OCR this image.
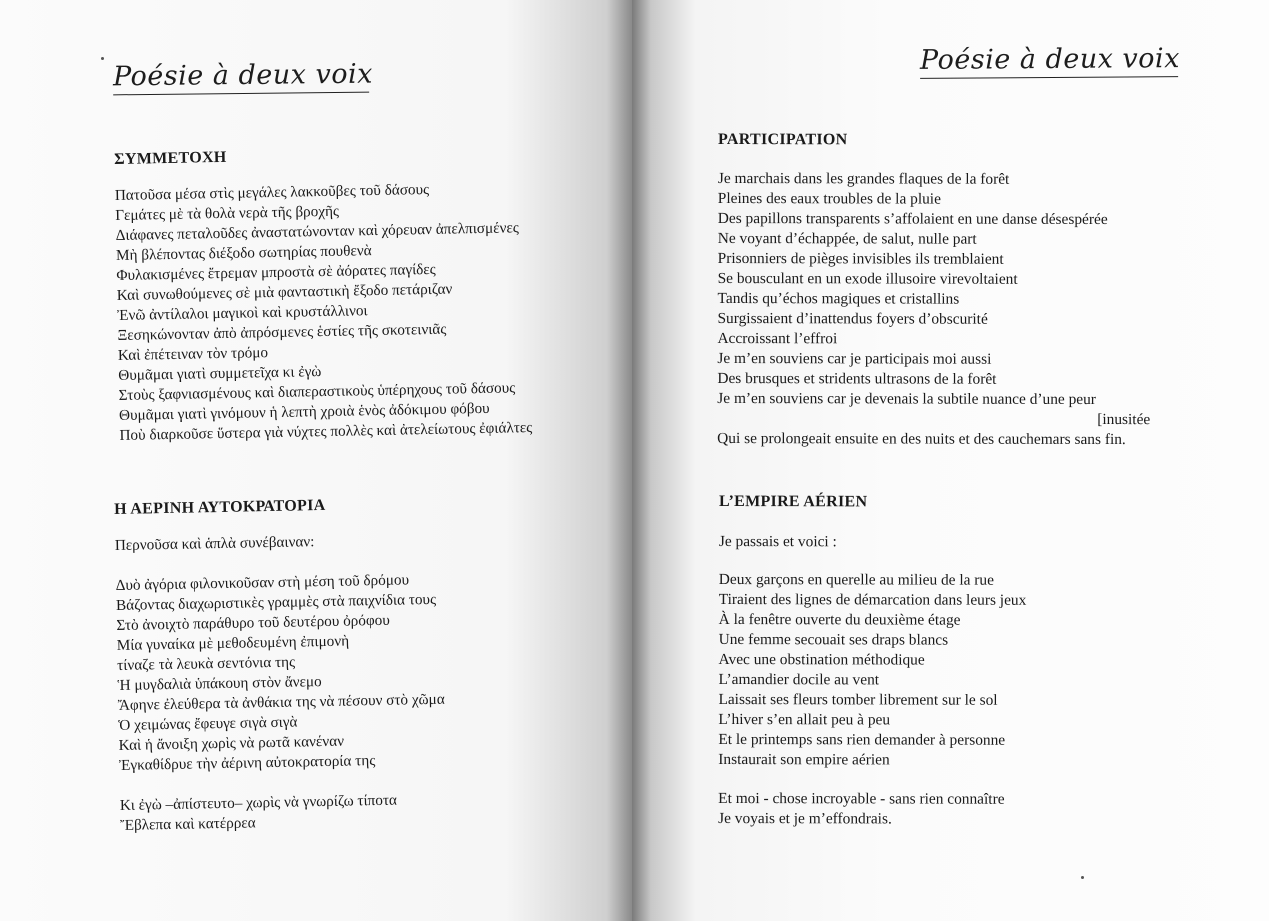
Poésie à deux voix
ΣΥΜΜΕΤΟΧΗ
Πατοῦσα μέσα στὶς μεγάλες λακκοῦβες τοῦ δάσους
Γεμάτες μὲ τὰ θολὰ νερὰ τῆς βροχῆς
Διάφανες πεταλοῦδες ἀναστατώνονταν καὶ χόρευαν ἀπελπισμένες
Μὴ βλέποντας διέξοδο σωτηρίας πουθενὰ
Φυλακισμένες ἔτρεμαν μπροστὰ σὲ ἀόρατες παγίδες
Καὶ συνωθούμενες σὲ μιὰ φανταστικὴ ἔξοδο πετάριζαν
Ἐνῶ ἀντίλαλοι μαγικοὶ καὶ κρυστάλλινοι
Ξεσηκώνονταν ἀπὸ ἀπρόσμενες ἑστίες τῆς σκοτεινιᾶς
Καὶ ἐπέτειναν τὸν τρόμο
Θυμᾶμαι γιατὶ συμμετεῖχα κι ἐγὼ
Στοὺς ξαφνιασμένους καὶ διαπεραστικοὺς ὑπέρηχους τοῦ δάσους
Θυμᾶμαι γιατὶ γινόμουν ἡ λεπτὴ χροιὰ ἑνὸς ἀδόκιμου φόβου
Ποὺ διαρκοῦσε ὕστερα γιὰ νύχτες πολλὲς καὶ ἀτελείωτους ἐφιάλτες
Η ΑΕΡΙΝΗ ΑΥΤΟΚΡΑΤΟΡΙΑ
Περνοῦσα καὶ ἁπλὰ συνέβαιναν:
Δυὸ ἀγόρια φιλονικοῦσαν στὴ μέση τοῦ δρόμου
Βάζοντας διαχωριστικὲς γραμμὲς στὰ παιχνίδια τους
Στὸ ἀνοιχτὸ παράθυρο τοῦ δευτέρου ὀρόφου
Μία γυναίκα μὲ μεθοδευμένη ἐπιμονὴ
τίναζε τὰ λευκὰ σεντόνια της
Ἡ μυγδαλιὰ ὑπάκουη στὸν ἄνεμο
Ἄφηνε ἐλεύθερα τὰ ἀνθάκια της νὰ πέσουν στὸ χῶμα
Ὁ χειμώνας ἔφευγε σιγὰ σιγὰ
Καὶ ἡ ἄνοιξη χωρὶς νὰ ρωτᾶ κανέναν
Ἐγκαθίδρυε τὴν ἀέρινη αὐτοκρατορία της
Κι ἐγὼ –ἀπίστευτο– χωρὶς νὰ γνωρίζω τίποτα
Ἔβλεπα καὶ κατέρρεα
Poésie à deux voix
PARTICIPATION
Je marchais dans les grandes flaques de la forêt
Pleines des eaux troubles de la pluie
Des papillons transparents s’affolaient en une danse désespérée
Ne voyant d’échappée, de salut, nulle part
Prisonniers de pièges invisibles ils tremblaient
Se bousculant en un exode illusoire virevoltaient
Tandis qu’échos magiques et cristallins
Surgissaient d’inattendus foyers d’obscurité
Accroissant l’effroi
Je m’en souviens car je participais moi aussi
Des brusques et stridents ultrasons de la forêt
Je m’en souviens car je devenais la subtile nuance d’une peur
[inusitée
Qui se prolongeait ensuite en des nuits et des cauchemars sans fin.
L’EMPIRE AÉRIEN
Je passais et voici :
Deux garçons en querelle au milieu de la rue
Tiraient des lignes de démarcation dans leurs jeux
À la fenêtre ouverte du deuxième étage
Une femme secouait ses draps blancs
Avec une obstination méthodique
L’amandier docile au vent
Laissait ses fleurs tomber librement sur le sol
L’hiver s’en allait peu à peu
Et le printemps sans rien demander à personne
Instaurait son empire aérien
Et moi - chose incroyable - sans rien connaître
Je voyais et je m’effondrais.
